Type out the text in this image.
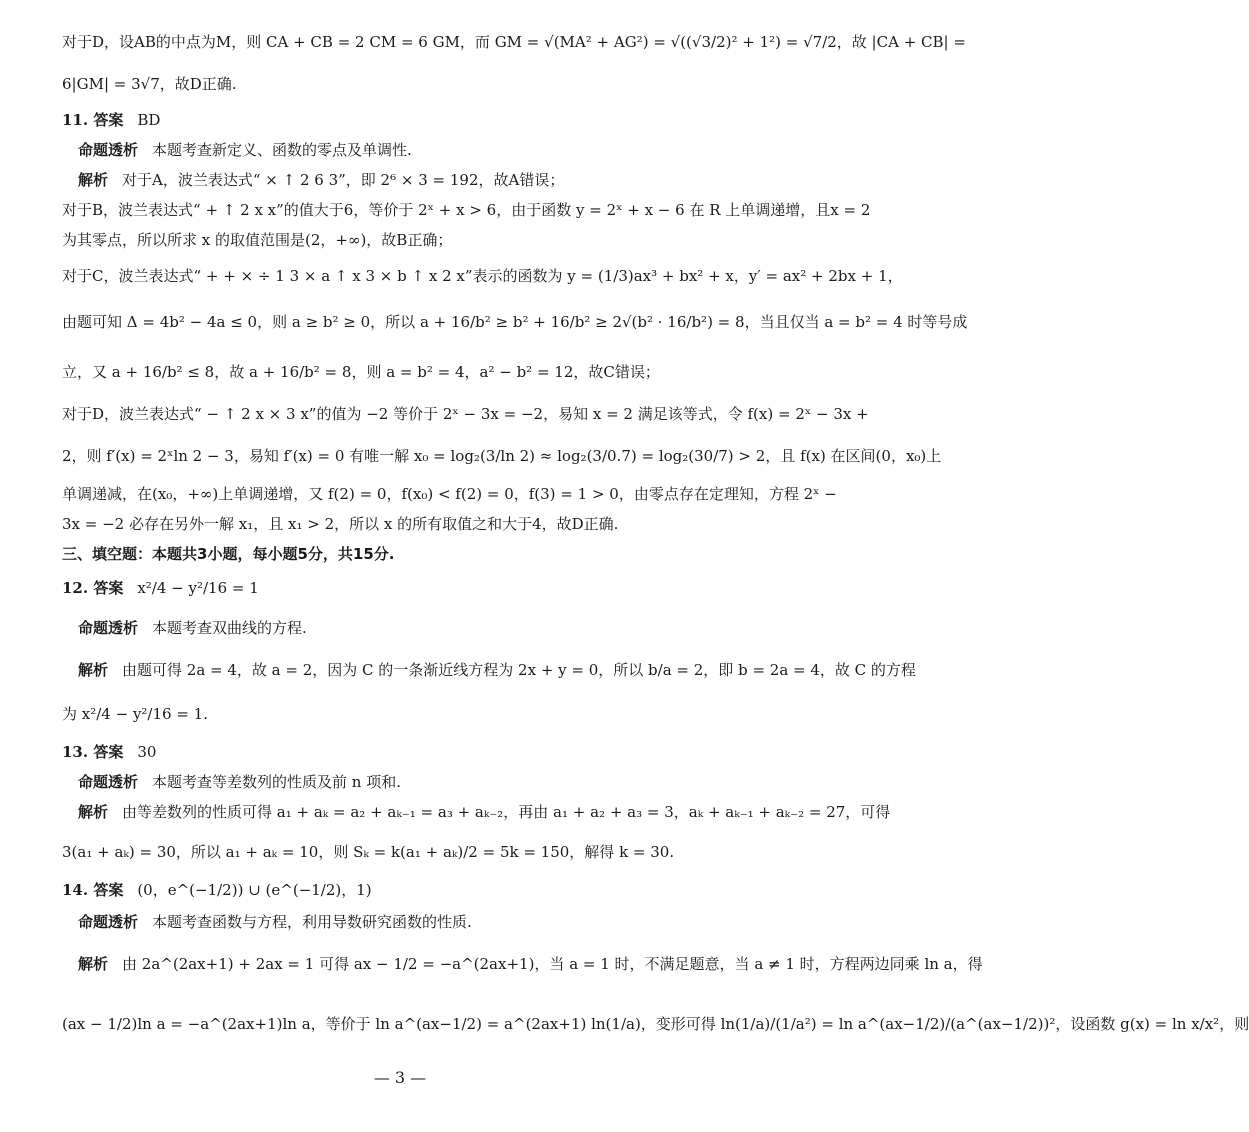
对于D，设AB的中点为M，则 CA + CB = 2 CM = 6 GM，而 GM = √(MA² + AG²) = √((√3/2)² + 1²) = √7/2，故 |CA + CB| =
6|GM| = 3√7，故D正确.
11. 答案 BD
命题透析 本题考查新定义、函数的零点及单调性.
解析 对于A，波兰表达式“ × ↑ 2 6 3”，即 2⁶ × 3 = 192，故A错误；
对于B，波兰表达式“ + ↑ 2 x x”的值大于6，等价于 2ˣ + x > 6，由于函数 y = 2ˣ + x − 6 在 R 上单调递增，且x = 2
为其零点，所以所求 x 的取值范围是(2，+∞)，故B正确；
对于C，波兰表达式“ + + × ÷ 1 3 × a ↑ x 3 × b ↑ x 2 x”表示的函数为 y = (1/3)ax³ + bx² + x，y′ = ax² + 2bx + 1，
由题可知 Δ = 4b² − 4a ≤ 0，则 a ≥ b² ≥ 0，所以 a + 16/b² ≥ b² + 16/b² ≥ 2√(b² · 16/b²) = 8，当且仅当 a = b² = 4 时等号成
立，又 a + 16/b² ≤ 8，故 a + 16/b² = 8，则 a = b² = 4，a² − b² = 12，故C错误；
对于D，波兰表达式“ − ↑ 2 x × 3 x”的值为 −2 等价于 2ˣ − 3x = −2，易知 x = 2 满足该等式，令 f(x) = 2ˣ − 3x +
2，则 f′(x) = 2ˣln 2 − 3，易知 f′(x) = 0 有唯一解 x₀ = log₂(3/ln 2) ≈ log₂(3/0.7) = log₂(30/7) > 2，且 f(x) 在区间(0，x₀)上
单调递减，在(x₀，+∞)上单调递增，又 f(2) = 0，f(x₀) < f(2) = 0，f(3) = 1 > 0，由零点存在定理知，方程 2ˣ −
3x = −2 必存在另外一解 x₁，且 x₁ > 2，所以 x 的所有取值之和大于4，故D正确.
三、填空题：本题共3小题，每小题5分，共15分.
12. 答案 x²/4 − y²/16 = 1
命题透析 本题考查双曲线的方程.
解析 由题可得 2a = 4，故 a = 2，因为 C 的一条渐近线方程为 2x + y = 0，所以 b/a = 2，即 b = 2a = 4，故 C 的方程
为 x²/4 − y²/16 = 1.
13. 答案 30
命题透析 本题考查等差数列的性质及前 n 项和.
解析 由等差数列的性质可得 a₁ + aₖ = a₂ + aₖ₋₁ = a₃ + aₖ₋₂，再由 a₁ + a₂ + a₃ = 3，aₖ + aₖ₋₁ + aₖ₋₂ = 27，可得
3(a₁ + aₖ) = 30，所以 a₁ + aₖ = 10，则 Sₖ = k(a₁ + aₖ)/2 = 5k = 150，解得 k = 30.
14. 答案 (0，e^(−1/2)) ∪ (e^(−1/2)，1)
命题透析 本题考查函数与方程，利用导数研究函数的性质.
解析 由 2a^(2ax+1) + 2ax = 1 可得 ax − 1/2 = −a^(2ax+1)，当 a = 1 时，不满足题意，当 a ≠ 1 时，方程两边同乘 ln a，得
(ax − 1/2)ln a = −a^(2ax+1)ln a，等价于 ln a^(ax−1/2) = a^(2ax+1) ln(1/a)，变形可得 ln(1/a)/(1/a²) = ln a^(ax−1/2)/(a^(ax−1/2))²，设函数 g(x) = ln x/x²，则
— 3 —
